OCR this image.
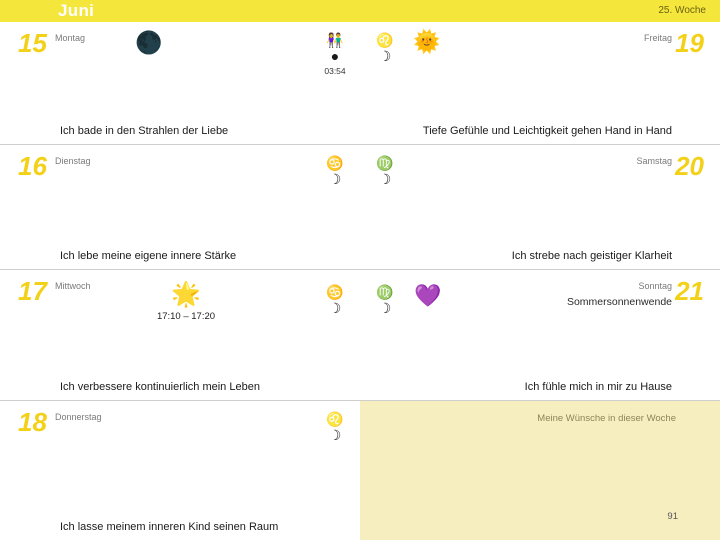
Juni	25. Woche
15 Montag	19
Freitag
🌑	👫
●
03:54
♌
☽
🌞
Ich bade in den Strahlen der Liebe	Tiefe Gefühle und Leichtigkeit gehen Hand in Hand
16 Dienstag	20
Samstag
♋
☽
♍
☽
Ich lebe meine eigene innere Stärke	Ich strebe nach geistiger Klarheit
17 Mittwoch	21
Sonntag
Sommersonnenwende
🌟
17:10 – 17:20
♋
☽
♍
☽	💜
Ich verbessere kontinuierlich mein Leben	Ich fühle mich in mir zu Hause
18 Donnerstag	♌
☽
Ich lasse meinem inneren Kind seinen Raum
Meine Wünsche in dieser Woche
91
